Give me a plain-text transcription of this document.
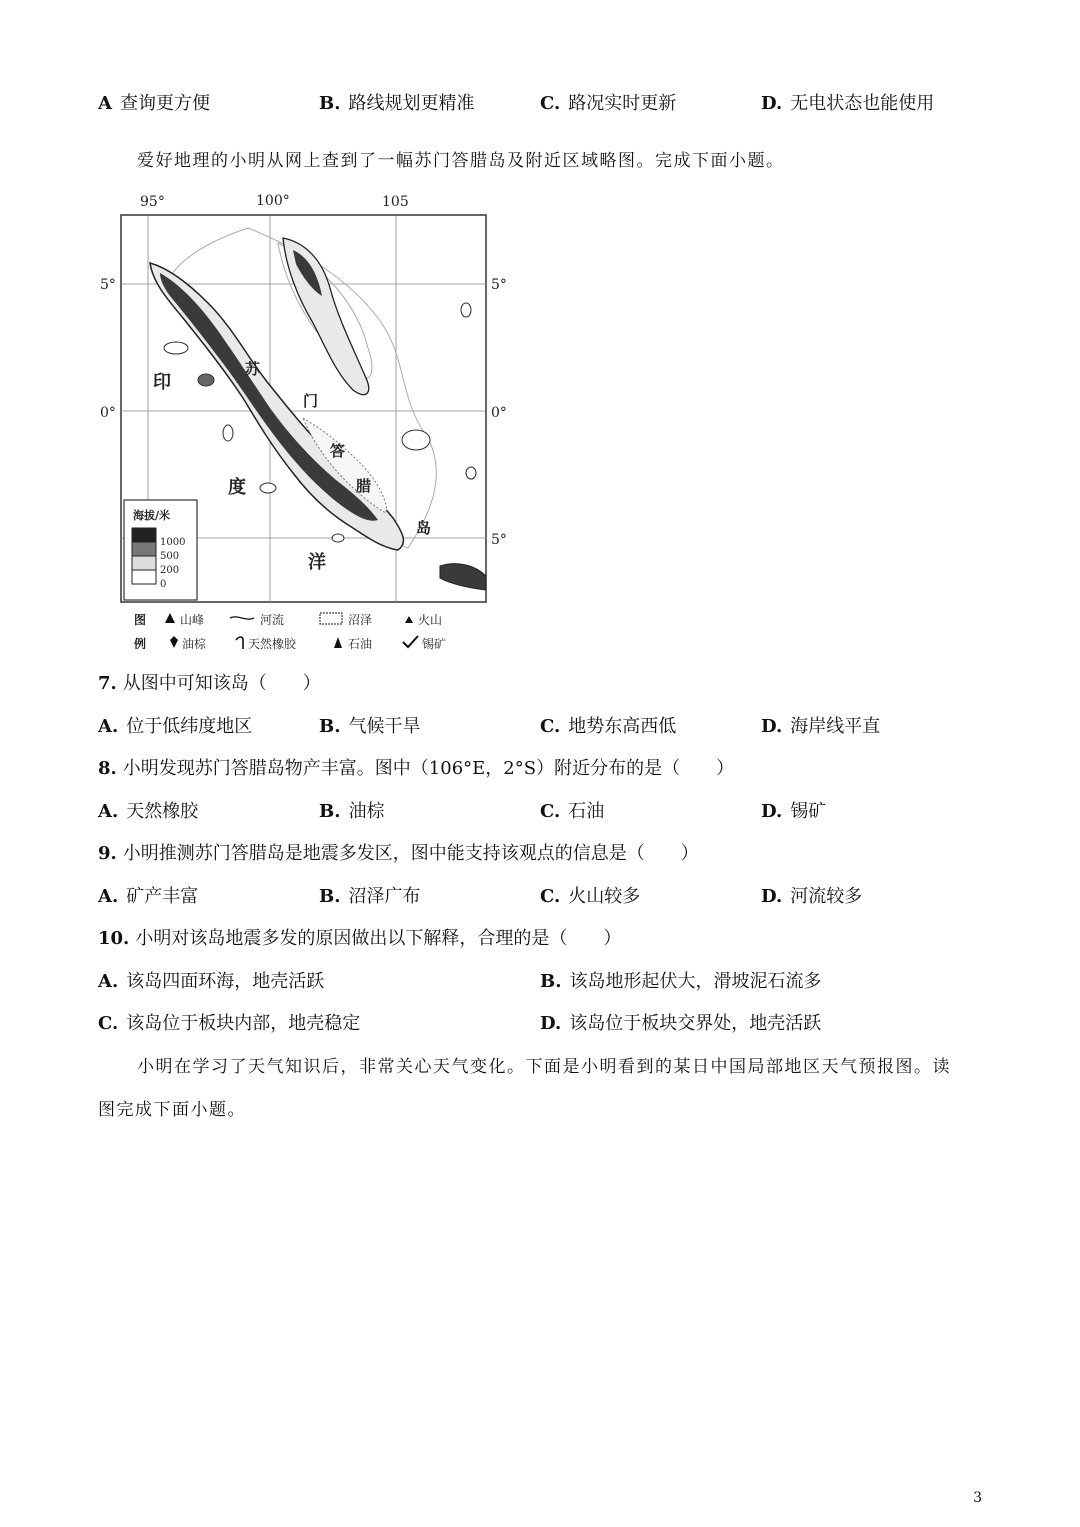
A 查询更方便	B. 路线规划更精准	C. 路况实时更新	D. 无电状态也能使用
爱好地理的小明从网上查到了一幅苏门答腊岛及附近区域略图。完成下面小题。
95°	100°	105
5°
0°
5°
0°
5°
印
度
洋
苏
门
答
腊
岛
海拔/米
1000
500
200
0
图
例
山峰	河流	沼泽	火山
油棕	天然橡胶	石油	锡矿
7. 从图中可知该岛（　　）
A. 位于低纬度地区	B. 气候干旱	C. 地势东高西低	D. 海岸线平直
8. 小明发现苏门答腊岛物产丰富。图中（106°E，2°S）附近分布的是（　　）
A. 天然橡胶	B. 油棕	C. 石油	D. 锡矿
9. 小明推测苏门答腊岛是地震多发区，图中能支持该观点的信息是（　　）
A. 矿产丰富	B. 沼泽广布	C. 火山较多	D. 河流较多
10. 小明对该岛地震多发的原因做出以下解释，合理的是（　　）
A. 该岛四面环海，地壳活跃	B. 该岛地形起伏大，滑坡泥石流多
C. 该岛位于板块内部，地壳稳定	D. 该岛位于板块交界处，地壳活跃
小明在学习了天气知识后，非常关心天气变化。下面是小明看到的某日中国局部地区天气预报图。读
图完成下面小题。
3
